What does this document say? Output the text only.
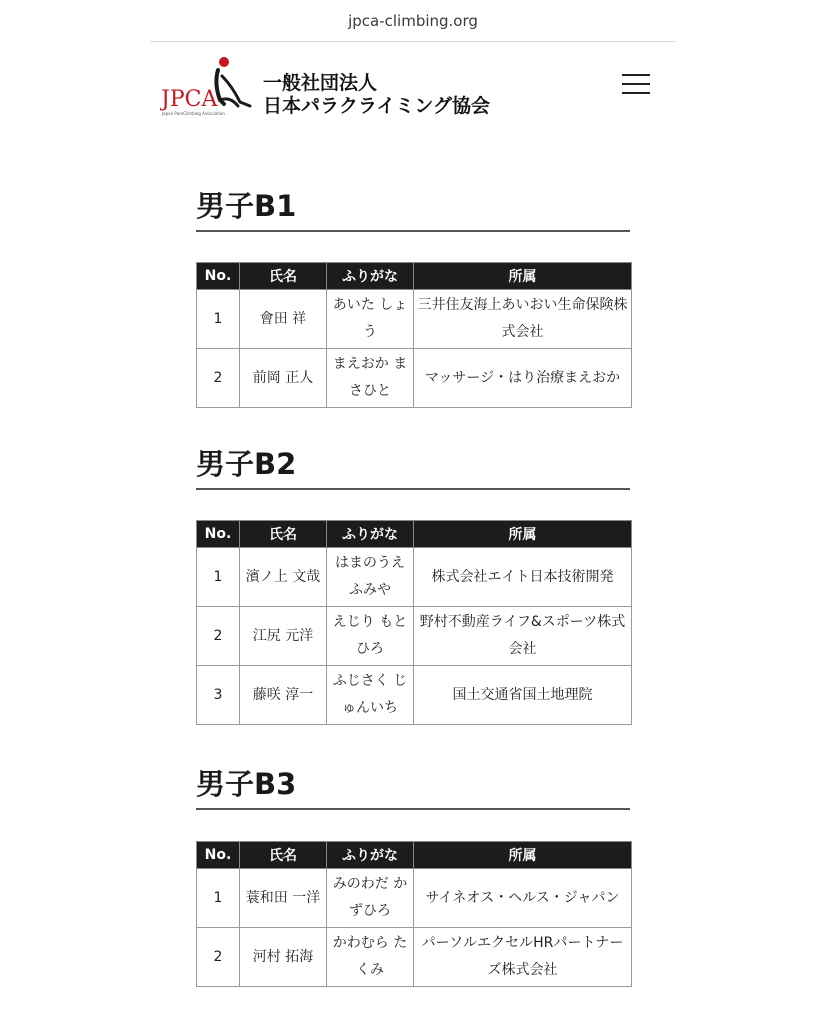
jpca-climbing.org
JPCA
Japan ParaClimbing Association
一般社団法人
日本パラクライミング協会
男子B1
No.	氏名	ふりがな	所属
1	會田 祥	あいた しょう	三井住友海上あいおい生命保険株式会社
2	前岡 正人	まえおか まさひと	マッサージ・はり治療まえおか
男子B2
No.	氏名	ふりがな	所属
1	濱ノ上 文哉	はまのうえ ふみや	株式会社エイト日本技術開発
2	江尻 元洋	えじり もとひろ	野村不動産ライフ&スポーツ株式会社
3	藤咲 淳一	ふじさく じゅんいち	国土交通省国土地理院
男子B3
No.	氏名	ふりがな	所属
1	蓑和田 一洋	みのわだ かずひろ	サイネオス・ヘルス・ジャパン
2	河村 拓海	かわむら たくみ	パーソルエクセルHRパートナーズ株式会社
